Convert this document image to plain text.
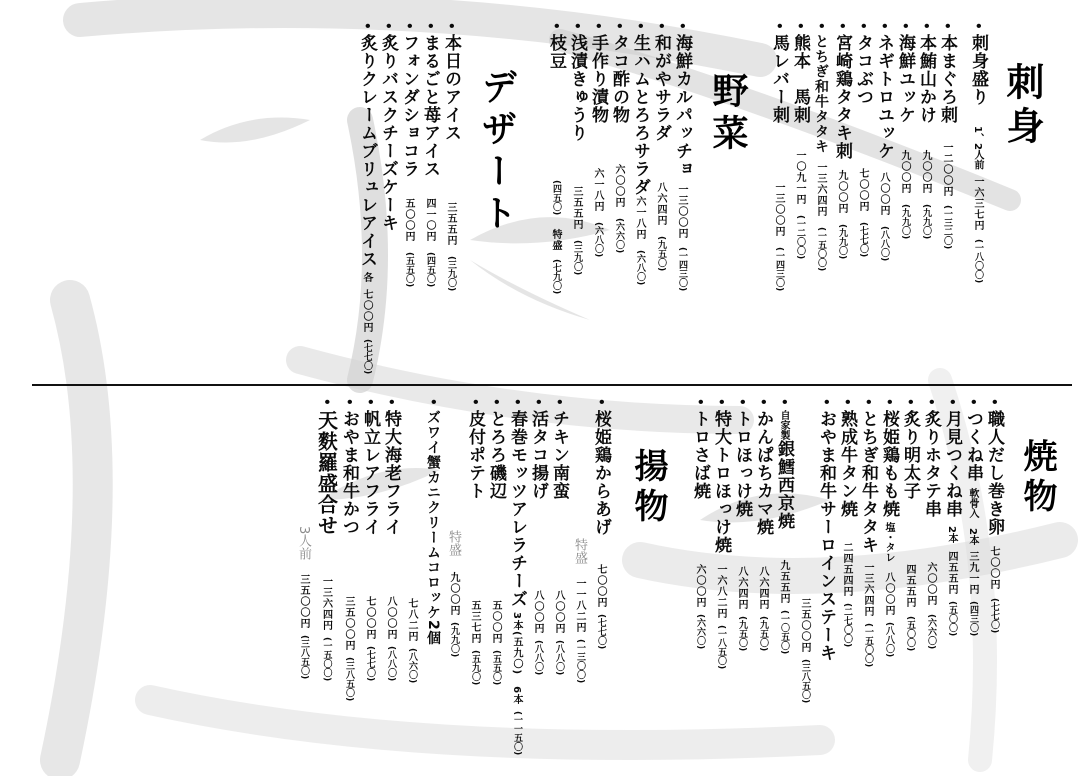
刺身
•
刺身盛り
1、2人前
一六三七円
(一八〇〇)
•
本まぐろ刺
一二〇〇円
(一三二〇)
•
本鮪山かけ
九〇〇円
(九九〇)
•
海鮮ユッケ
九〇〇円
(九九〇)
•
ネギトロユッケ
八〇〇円
(八八〇)
•
タコぶつ
七〇〇円
(七七〇)
•
宮崎鶏タタキ刺
九〇〇円
(九九〇)
•
とちぎ和牛タタキ
一三六四円
(一五〇〇)
•
熊本　馬刺
一〇九一円
(一二〇〇)
•
馬レバー刺
一三〇〇円
(一四三〇)
野菜
•
海鮮カルパッチョ
一三〇〇円
(一四三〇)
•
和がやサラダ
八六四円
(九五〇)
•
生ハムとろろサラダ
六一八円
(六八〇)
•
タコ酢の物
六〇〇円
(六六〇)
•
手作り漬物
六一八円
(六八〇)
•
浅漬きゅうり
三五五円
(三九〇)
•
枝豆
(四五〇)
特盛
(七九〇)
デザート
•
本日のアイス
三五五円
(三九〇)
•
まるごと苺アイス
四一〇円
(四五〇)
•
フォンダショコラ
五〇〇円
(五五〇)
•
炙りバスクチーズケーキ
•
炙りクレームブリュレアイス
各
七〇〇円
(七七〇)
焼物
•
職人だし巻き卵
七〇〇円
(七七〇)
•
つくね串
軟骨入　2本
三九一円
(四三〇)
•
月見つくね串
2本
四五五円
(五〇〇)
•
炙りホタテ串
六〇〇円
(六六〇)
•
炙り明太子
四五五円
(五〇〇)
•
桜姫鶏もも焼
塩・タレ
八〇〇円
(八八〇)
•
とちぎ和牛タタキ
一三六四円
(一五〇〇)
•
熟成牛タン焼
二四五四円
(二七〇〇)
•
おやま和牛サーロインステーキ
三五〇〇円
(三八五〇)
•
自家製
銀鱈西京焼
九五五円
(一〇五〇)
•
かんぱちカマ焼
八六四円
(九五〇)
•
トロほっけ焼
八六四円
(九五〇)
•
特大トロほっけ焼
一六八二円
(一八五〇)
•
トロさば焼
六〇〇円
(六六〇)
揚物
•
桜姫鶏からあげ
七〇〇円
(七七〇)
特盛
一一八二円
(一三〇〇)
•
チキン南蛮
八〇〇円
(八八〇)
•
活タコ揚げ
八〇〇円
(八八〇)
•
春巻モッツアレラチーズ
3本(五九〇)　6本
(一一五〇)
•
とろろ磯辺
五〇〇円
(五五〇)
•
皮付ポテト
五三七円
(五九〇)
特盛
九〇〇円
(九九〇)
•
ズワイ蟹カニクリームコロッケ2個
七八二円
(八六〇)
•
特大海老フライ
八〇〇円
(八八〇)
•
帆立レアフライ
七〇〇円
(七七〇)
•
おやま和牛かつ
三五〇〇円
(三八五〇)
•
天麩羅盛合せ
一三六四円
(一五〇〇)
3人前
三五〇〇円
(三八五〇)
